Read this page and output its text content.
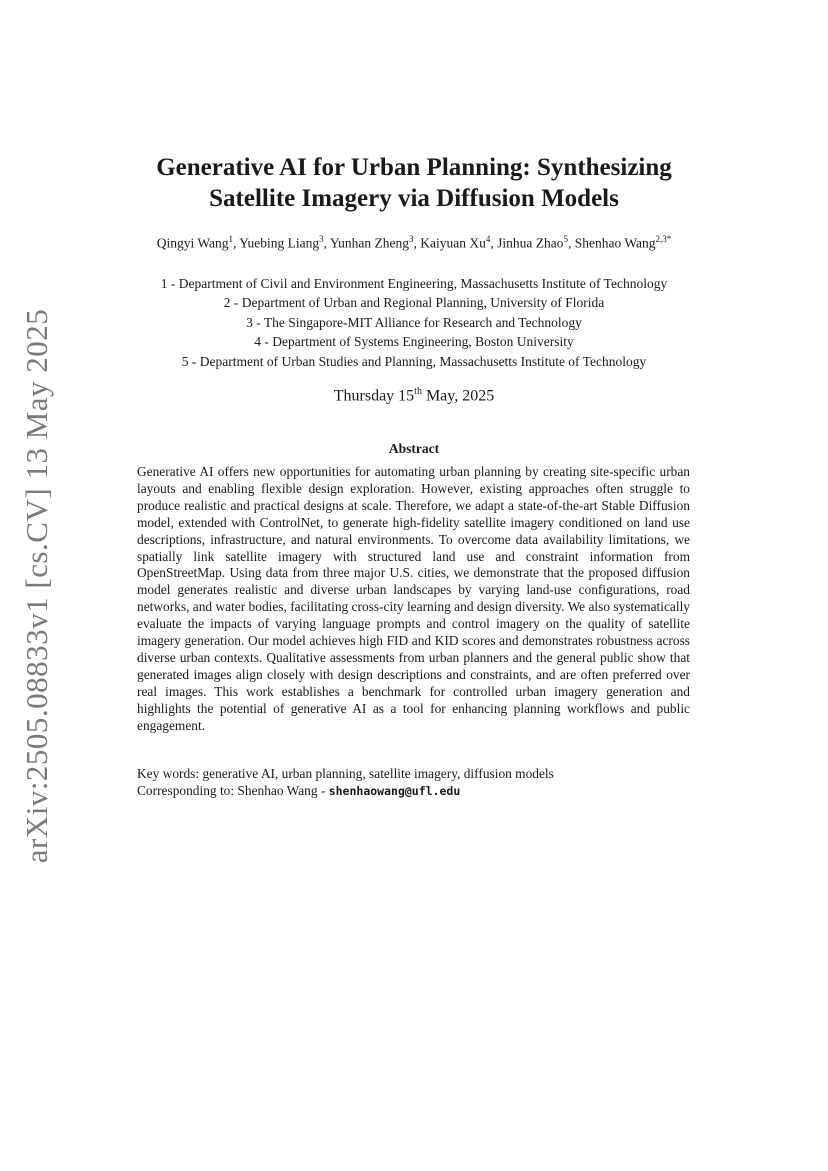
arXiv:2505.08833v1 [cs.CV] 13 May 2025
Generative AI for Urban Planning: Synthesizing
Satellite Imagery via Diffusion Models
Qingyi Wang$^1$, Yuebing Liang$^3$, Yunhan Zheng$^3$, Kaiyuan Xu$^4$, Jinhua Zhao$^5$, Shenhao Wang$^{2,3*}$
1 - Department of Civil and Environment Engineering, Massachusetts Institute of Technology
2 - Department of Urban and Regional Planning, University of Florida
3 - The Singapore-MIT Alliance for Research and Technology
4 - Department of Systems Engineering, Boston University
5 - Department of Urban Studies and Planning, Massachusetts Institute of Technology
Thursday 15th May, 2025
Abstract

Generative AI offers new opportunities for automating urban planning by creating site-specific urban layouts and enabling flexible design exploration. However, existing approaches often struggle to produce realistic and practical designs at scale. Therefore, we adapt a state-of-the-art Stable Diffusion model, extended with ControlNet, to generate high-fidelity satellite imagery conditioned on land use descriptions, infrastructure, and natural environments. To overcome data availability limitations, we spatially link satellite imagery with structured land use and constraint information from OpenStreetMap. Using data from three major U.S. cities, we demonstrate that the proposed diffusion model generates realistic and diverse urban landscapes by varying land-use configurations, road networks, and water bodies, facilitating cross-city learning and design diversity. We also systematically evaluate the impacts of varying language prompts and control imagery on the quality of satellite imagery generation. Our model achieves high FID and KID scores and demonstrates robustness across diverse urban contexts. Qualitative assessments from urban planners and the general public show that generated images align closely with design descriptions and constraints, and are often preferred over real images. This work establishes a benchmark for controlled urban imagery generation and highlights the potential of generative AI as a tool for enhancing planning workflows and public engagement.

Key words: generative AI, urban planning, satellite imagery, diffusion models
Corresponding to: Shenhao Wang - shenhaowang@ufl.edu
